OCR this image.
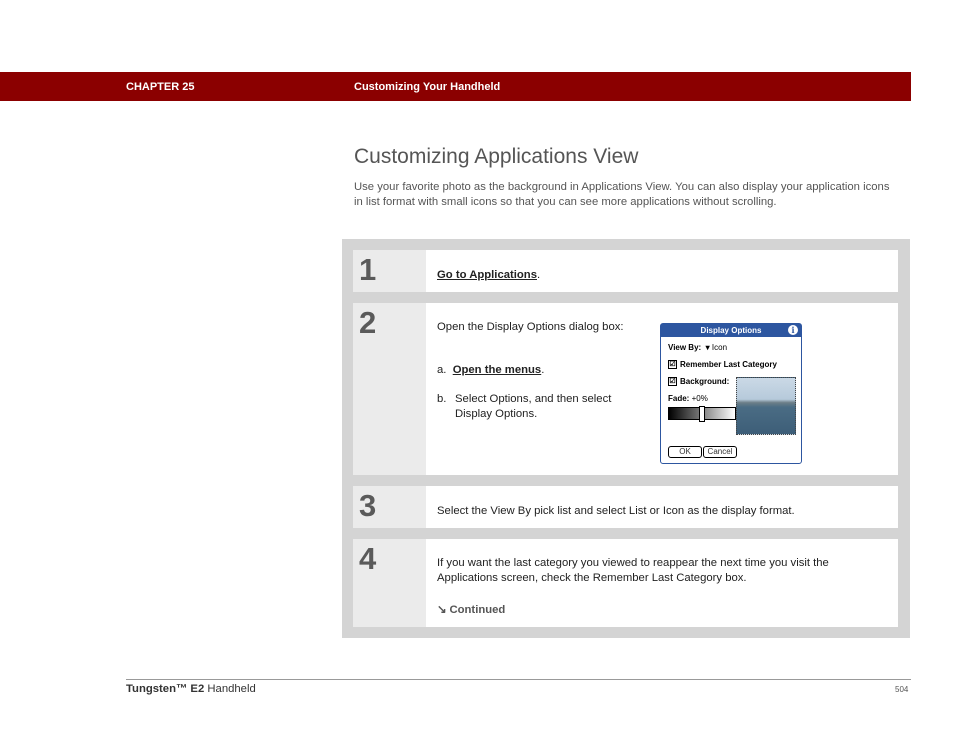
CHAPTER 25	Customizing Your Handheld
Customizing Applications View
Use your favorite photo as the background in Applications View. You can also display your application icons in list format with small icons so that you can see more applications without scrolling.
1	Go to Applications.
2	Open the Display Options dialog box:
a. Open the menus.
b. Select Options, and then select Display Options.
Display Options	i
View By:  ▾ Icon
☑ Remember Last Category
☑ Background:
Fade: +0%
OK	Cancel
3	Select the View By pick list and select List or Icon as the display format.
4	If you want the last category you viewed to reappear the next time you visit the Applications screen, check the Remember Last Category box.
↘ Continued
Tungsten™ E2 Handheld	504
